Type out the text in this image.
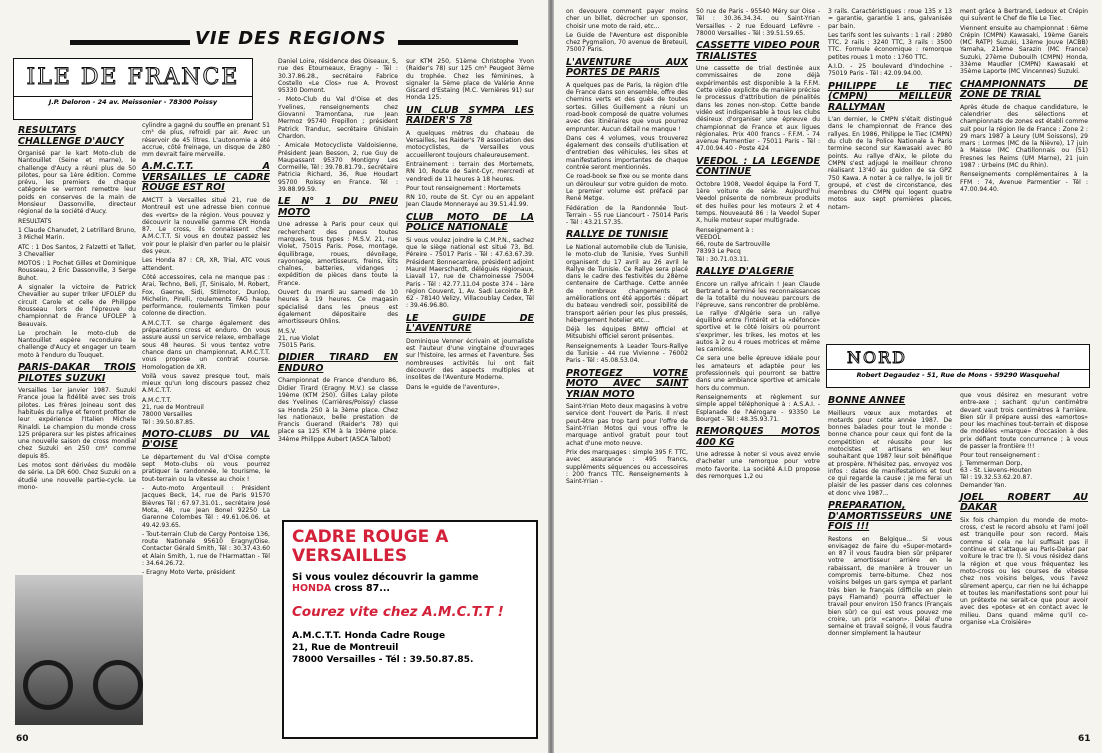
VIE DES REGIONS
ILE DE FRANCE
J.P. Deloron - 24 av. Meissonier - 78300 Poissy
RESULTATS CHALLENGE D'AUCY

Organisé par le kart Moto-club de Nantouillet (Seine et marne), le challenge d'Aucy a réuni plus de 50 pilotes, pour sa 1ère édition. Comme prévu, les premiers de chaque catégorie se verront remettre leur poids en conserves de la main de Monsieur Dassonville, directeur régional de la société d'Aucy.

RESULTATS

1 Claude Chanudet, 2 Letrillard Bruno, 3 Michel Marin.

ATC : 1 Dos Santos, 2 Falzetti et Tallet, 3 Chevallier

MOTOS : 1 Pochet Gilles et Dominique Rousseau, 2 Eric Dassonville, 3 Serge Buhot.

A signaler la victoire de Patrick Chevallier au super triker UFOLEP du circuit Carole et celle de Philippe Rousseau lors de l'épreuve du championnat de France UFOLEP à Beauvais.

Le prochain le moto-club de Nantouillet espère reconduire le challenge d'Aucy et engager un team moto à l'enduro du Touquet.

PARIS-DAKAR TROIS PILOTES SUZUKI

Versailles 1er janvier 1987. Suzuki France joue la fidélité avec ses trois pilotes. Les frères Joineau sont des habitués du rallye et feront profiter de leur expérience l'Italien Michele Rinaldi. Le champion du monde cross 125 préparera sur les pistes africaines une nouvelle saison de cross mondial chez Suzuki en 250 cm³ comme depuis 85.

Les motos sont dérivées du modèle de série. La DR 600. Chez Suzuki on a étudié une nouvelle partie-cycle. Le mono-

cylindre a gagné du souffle en prenant 51 cm³ de plus, refroidi par air. Avec un réservoir de 45 litres. L'autonomie a été accrue, côté freinage, un disque de 280 mm devrait faire merveille.

A.M.C.T.T. A VERSAILLES LE CADRE ROUGE EST ROI

AMCTT à Versailles situé 21, rue de Montreuil est une adresse bien connue des «verts» de la région. Vous pouvez y découvrir la nouvelle gamme CR Honda 87. Le cross, ils connaissent chez A.M.C.T.T. Si vous en doutez passez les voir pour le plaisir d'en parler ou le plaisir des yeux.

Les Honda 87 : CR, XR, Trial, ATC vous attendent.

Côté accessoires, cela ne manque pas : Arai, Techno, Beli, JT, Sinisalo, M. Robert, Fox, Gaerne, Sidi, Stilmotor, Dunlop, Michelin, Pirelli, roulements FAG haute performance, roulements Timken pour colonne de direction.

A.M.C.T.T. se charge également des préparations cross et enduro. On vous assure aussi un service relaxe, emballage sous 48 heures. Si vous tentez votre chance dans un championnat, A.M.C.T.T. vous propose un contrat course. Homologation de XR.

Voilà vous savez presque tout, mais mieux qu'un long discours passez chez A.M.C.T.T.

A.M.C.T.T.

21, rue de Montreuil

78000 Versailles

Tél : 39.50.87.85.

MOTO-CLUBS DU VAL D'OISE

Le département du Val d'Oise compte sept Moto-clubs où vous pourrez pratiquer la randonnée, le tourisme, le tout-terrain ou la vitesse au choix !

- Auto-moto Argenteuil : Président Jacques Beck, 14, rue de Paris 91570 Bièvres Tél : 67.97.31.01., secrétaire José Mota, 48, rue Jean Bonel 92250 La Garenne Colombes Tél : 49.61.06.06. et 49.42.93.65.

- Tout-terrain Club de Cergy Pontoise 136, route Nationale 95610 Eragny/Oise. Contacter Gérald Smith, Tél : 30.37.43.60 et Alain Smith, 1, rue de l'Harmattan - Tél : 34.64.26.72.

- Eragny Moto Verte, président

Daniel Loire, résidence des Oiseaux, 5, rue des Etourneaux, Eragny - Tél : 30.37.86.28., secrétaire Fabrice Costello «Le Clos» rue A. Provost 95330 Domont.

- Moto-Club du Val d'Oise et des Yvelines, renseignements chez Giovanni Tramontana, rue Jean Mermoz 95740 Frepillon ; président Patrick Tranduc, secrétaire Ghislain Chardon.

- Amicale Motocycliste Valdoisienne, Président Jean Besson, 2, rue Guy de Maupassant 95370 Montigny Les Cormeille, Tél : 39.78.81.79., secrétaire Patricia Richard, 36, Rue Houdart 95700 Roissy en France. Tél : 39.88.99.59.

LE N° 1 DU PNEU MOTO

Une adresse à Paris pour ceux qui recherchent des pneus toutes marques, tous types : M.S.V. 21, rue Violet, 75015 Paris. Pose, montage, équilibrage, roues, dévoilage, rayonnage, amortisseurs, freins, kits chaînes, batteries, vidanges ; expédition de pièces dans toute la France.

Ouvert du mardi au samedi de 10 heures à 19 heures. Ce magasin spécialisé dans les pneus est également dépositaire des amortisseurs Ohlins.

M.S.V.

21, rue Violet

75015 Paris.

DIDIER TIRARD EN ENDURO

Championnat de France d'enduro 86, Didier Tirard (Eragny M.V.) se classe 19ème (KTM 250). Gilles Lalay pilote des Yvelines (Carrières/Poissy) classe sa Honda 250 à la 3ème place. Chez les nationaux, belle prestation de Francis Guerand (Raider's 78) qui place sa 125 KTM à la 19ème place. 34ème Philippe Aubert (ASCA Talbot)

sur KTM 250, 51ème Christophe Yvon (Raider's 78) sur 125 cm³ Peugeot 3ème du trophée. Chez les féminines, à signaler la 5ème place de Valérie Anne Giscard d'Estaing (M.C. Vernières 91) sur Honda 125.

UN CLUB SYMPA LES RAIDER'S 78

A quelques mètres du chateau de Versailles, les Raider's 78 association des motocyclistes, de Versailles vous accueilleront toujours chaleureusement.

Entrainement : terrain des Mortemets, RN 10, Route de Saint-Cyr, mercredi et vendredi de 11 heures à 18 heures.

Pour tout renseignement : Mortemets

RN 10, route de St. Cyr ou en appelant Jean Claude Monneraye au 39.51.41.99.

CLUB MOTO DE LA POLICE NATIONALE

Si vous voulez joindre le C.M.P.N., sachez que le siège national est situé 73, Bd. Péreire - 75017 Paris - Tél : 47.63.67.39. Président Bonnecarrère, président adjoint Maurel Maerschardt, délégués régionaux, Liavall 17, rue de Chamoinesse 75004 Paris - Tél : 42.77.11.04 poste 374 - 1ère région Couvent, 1, Av. Sadi Lecointe B.P. 62 - 78140 Velizy, Villacoublay Cedex, Tél : 39.46.96.80.

LE GUIDE DE L'AVENTURE

Dominique Venner écrivain et journaliste est l'auteur d'une vingtaine d'ouvrages sur l'histoire, les armes et l'aventure. Ses nombreuses activités lui ont fait découvrir des aspects multiples et insolites de l'Aventure Moderne.

Dans le «guide de l'aventure»,

CADRE ROUGE A VERSAILLES
Si vous voulez découvrir la gamme
HONDA cross 87...
Courez vite chez A.M.C.T.T !
A.M.C.T.T. Honda Cadre Rouge
21, Rue de Montreuil
78000 Versailles - Tél : 39.50.87.85.
60

on devouvre comment payer moins cher un billet, décrocher un sponsor, choisir une moto de raid, etc...

Le Guide de l'Aventure est disponible chez Pygmalion, 70 avenue de Breteuil, 75007 Paris.

L'AVENTURE AUX PORTES DE PARIS

A quelques pas de Paris, la région d'Ile de France dans son ensemble, offre des chemins verts et des gués de toutes sortes. Gilles Guillement a réuni un road-book composé de quatre volumes avec des itinéraires que vous pourrez emprunter. Aucun détail ne manque !

Dans ces 4 volumes, vous trouverez également des conseils d'utilisation et d'entretien des véhicules, les sites et manifestations importantes de chaque contrée seront mentionnés.

Ce road-book se fixe ou se monte dans un dérouleur sur votre guidon de moto. Le premier volume est préfacé par René Metge.

Fédération de la Randonnée Tout-Terrain - 55 rue Liancourt - 75014 Paris - Tél : 43.21.57.35.

RALLYE DE TUNISIE

Le National automobile club de Tunisie, le moto-club de Tunisie, Yves Sunhill organisent du 17 avril au 26 avril le Rallye de Tunisie. Ce Rallye sera placé dans le cadre des festivités du 28ème centenaire de Carthage. Cette année de nombreux changements et améliorations ont été apportés : départ du bateau vendredi soir, possibilité de transport aérien pour les plus pressés, hébergement hotelier etc...

Déjà les équipes BMW officiel et Mitsubishi officiel seront présentes.

Renseignements à Leader Tours-Rallye de Tunisie - 44 rue Vivienne - 76002 Paris - Tél : 45.08.53.04.

PROTEGEZ VOTRE MOTO AVEC SAINT YRIAN MOTO

Saint-Yrian Moto deux magasins à votre service dont l'ouvert de Paris. Il n'est peut-être pas trop tard pour l'offre de Saint-Yrian Motos qui vous offre le marquage antivol gratuit pour tout achat d'une moto neuve.

Prix des marquages : simple 395 F. TTC, avec assurance : 495 francs, suppléments séquences ou accessoires : 200 francs TTC. Renseignements à Saint-Yrian -

50 rue de Paris - 95540 Méry sur Oise - Tél : 30.36.34.34. ou Saint-Yrian Versailles - 2 rue Edouard Lefèvre - 78000 Versailles - Tél : 39.51.59.65.

CASSETTE VIDEO POUR TRIALISTES

Une cassette de trial destinée aux commissaires de zone déjà expérimentés est disponible à la F.F.M. Cette vidéo explicite de manière précise le processus d'attribution de pénalités dans les zones non-stop. Cette bande vidéo est indispensable à tous les clubs désireux d'organiser une épreuve du championnat de France et aux ligues régionales. Prix 400 francs - F.F.M. - 74 avenue Parmentier - 75011 Paris - Tél : 47.00.94.40 - Poste 424

VEEDOL : LA LEGENDE CONTINUE

Octobre 1908, Veedol équipe la Ford T, 1ère voiture de série. Aujourd'hui Veedol présente de nombreux produits et des huiles pour les moteurs 2 et 4 temps. Nouveauté 86 : la Veedol Super X, huile moteur super multigrade.

Renseignement à :

VEEDOL

66, route de Sartrouville

78393 Le Pecq

Tél : 30.71.03.11.

RALLYE D'ALGERIE

Encore un rallye africain ! Jean Claude Bertrand a terminé les reconnaissances de la totalité du nouveau parcours de l'épreuve, sans rencontrer de problème. Le rallye d'Algérie sera un rallye équilibré entre l'intérêt et la «défonce» sportive et le côté loisirs où pourront s'exprimer, les trikes, les motos et les autos à 2 ou 4 roues motrices et même les camions.

Ce sera une belle épreuve idéale pour les amateurs et adaptée pour les professionnels qui pourront se battre dans une ambiance sportive et amicale hors du commun.

Renseignements et règlement sur simple appel téléphonique à : A.S.A.I. - Esplanade de l'Aérogare - 93350 Le Bourget - Tél : 48.35.93.71.

REMORQUES MOTOS 400 KG

Une adresse à noter si vous avez envie d'acheter une remorque pour votre moto favorite. La société A.I.D propose des remorques 1,2 ou

3 rails. Caractéristiques : roue 135 x 13 = garantie, garantie 1 ans, galvanisée par bain.

Les tarifs sont les suivants : 1 rail : 2980 TTC, 2 rails : 3240 TTC, 3 rails : 3500 TTC. Formule économique : remorque petites roues 1 moto : 1760 TTC.

A.I.D. - 25 boulevard d'Indochine - 75019 Paris - Tél : 42.09.94.00.

PHILIPPE LE TIEC (CMPN) MEILLEUR RALLYMAN

L'an dernier, le CMPN s'était distingué dans le championnat de France des rallyes. En 1986, Philippe le Tiec (CMPN) du club de la Police Nationale à Paris termine second sur Kawasaki avec 80 points. Au rallye d'Aix, le pilote du CMPN s'est adjugé le meilleur chrono réalisant 13'40 au guidon de sa GPZ 750 Kawa. A noter à ce rallye, le joli tir groupé, et c'est de circonstance, des membres du CMPN qui logent quatre motos aux sept premières places, notam-

ment grâce à Bertrand, Ledoux et Crépin qui suivent le Chef de file Le Tiec.

Viennent ensuite au championnat : 6ème Crépin (CMPN) Kawasaki, 19ème Gareis (MC RATP) Suzuki, 13ème Jouve (ACBB) Yamaha, 21ème Sarazin (MC France) Suzuki, 27ème Dubouilh (CMPN) Honda, 33ème Maudler (CMPN) Kawasaki et 35ème Laporte (MC Vincennes) Suzuki.

CHAMPIONNATS DE ZONE DE TRIAL

Après étude de chaque candidature, le calendrier des sélections et championnats de zones est établi comme suit pour la région Ile de France : Zone 2 : 29 mars 1987 à Leury (UM Soissons), 29 mars : Lormes (MC de la Nièvre), 17 juin à Maisse (MC Chatillonnais ou (51) Fresnes les Reims (UM Marne), 21 juin 1987 : Urbeins (MC du Rhin).

Renseignements complémentaires à la FFM : 74, Avenue Parmentier - Tél : 47.00.94.40.

NORD
Robert Degaudez - 51, Rue de Mons - 59290 Wasquehal
BONNE ANNEE

Meilleurs vœux aux motardes et motards pour cette année 1987. De bonnes balades pour tout le monde : bonne chance pour ceux qui font de la compétition et réussite pour les motocistes et artisans en leur souhaitant que 1987 leur soit bénéfique et prospère. N'hésitez pas, envoyez vos infos : dates de manifestations et tout ce qui regarde la cause ; je me ferai un plaisir de les passer dans ces colonnes et donc vive 1987...

PREPARATION, D'AMORTISSEURS UNE FOIS !!!

Restons en Belgique... Si vous envisagez de faire du «Super-motard» en 87 il vous faudra bien sûr préparer votre amortisseur arrière en le rabaissant, de manière à trouver un compromis terre-bitume. Chez nos voisins belges un gars sympa et parlant très bien le français (difficile en plein pays Flamand) pourra effectuer le travail pour environ 150 francs (Français bien sûr) ce qui est vous pouvez me croire, un prix «canon». Délai d'une semaine et travail soigné, il vous faudra donner simplement la hauteur

que vous désirez en mesurant votre entre-axe ; sachant qu'un centimètre devant vaut trois centimètres à l'arrière. Bien sûr il prépare aussi des «amortos» pour les machines tout-terrain et dispose de modèles «marque» d'occasion à des prix défiant toute concurrence ; à vous de passer la frontière !!!

Pour tout renseignement :

J. Temmerman Dorp,

63 - St. Lievens-Houten

Tél : 19.32.53.62.20.87.

Demander Yan.

JOEL ROBERT AU DAKAR

Six fois champion du monde de moto-cross, c'est le record absolu et l'ami Joël est tranquille pour son record. Mais comme si cela ne lui suffisait pas il continue et s'attaque au Paris-Dakar par voiture le trac tre !). Si vous résidez dans la région et que vous fréquentez les moto-cross ou les courses de vitesse chez nos voisins belges, vous l'avez sûrement aperçu, car rien ne lui échappe et toutes les manifestations sont pour lui un prétexte ne serait-ce que pour avoir avec des «potes» et en contact avec le milieu. Dans quand même qu'il co-organise «La Croisière»

61
